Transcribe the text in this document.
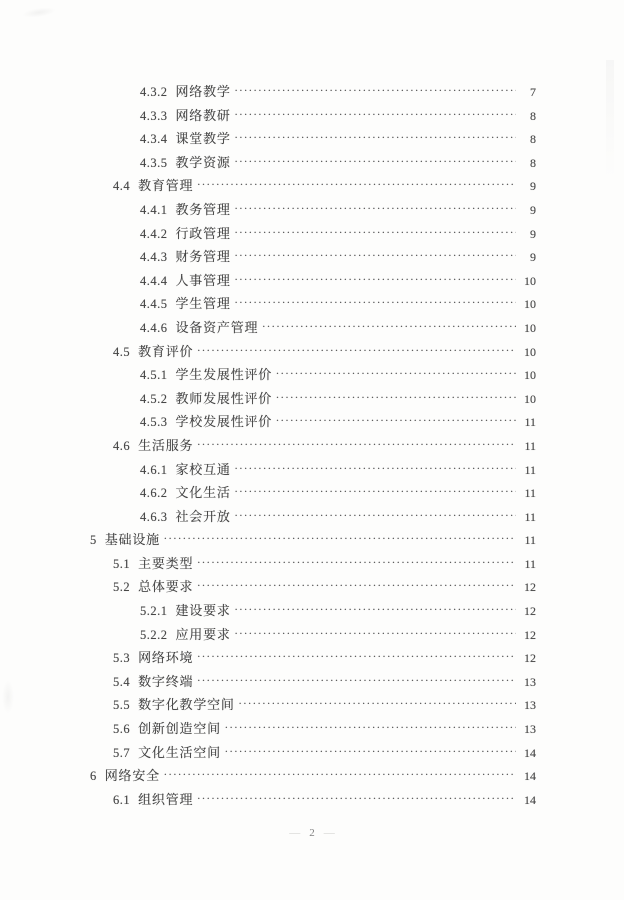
4.3.2 网络教学 .....	7
4.3.3 网络教研 .....	8
4.3.4 课堂教学 .....	8
4.3.5 教学资源 .....	8
4.4 教育管理 .....	9
4.4.1 教务管理 .....	9
4.4.2 行政管理 .....	9
4.4.3 财务管理 .....	9
4.4.4 人事管理 .....	10
4.4.5 学生管理 .....	10
4.4.6 设备资产管理 .....	10
4.5 教育评价 .....	10
4.5.1 学生发展性评价 .....	10
4.5.2 教师发展性评价 .....	10
4.5.3 学校发展性评价 .....	11
4.6 生活服务 .....	11
4.6.1 家校互通 .....	11
4.6.2 文化生活 .....	11
4.6.3 社会开放 .....	11
5 基础设施 .....	11
5.1 主要类型 .....	11
5.2 总体要求 .....	12
5.2.1 建设要求 .....	12
5.2.2 应用要求 .....	12
5.3 网络环境 .....	12
5.4 数字终端 .....	13
5.5 数字化教学空间 .....	13
5.6 创新创造空间 .....	13
5.7 文化生活空间 .....	14
6 网络安全 .....	14
6.1 组织管理 .....	14
— 2 —
